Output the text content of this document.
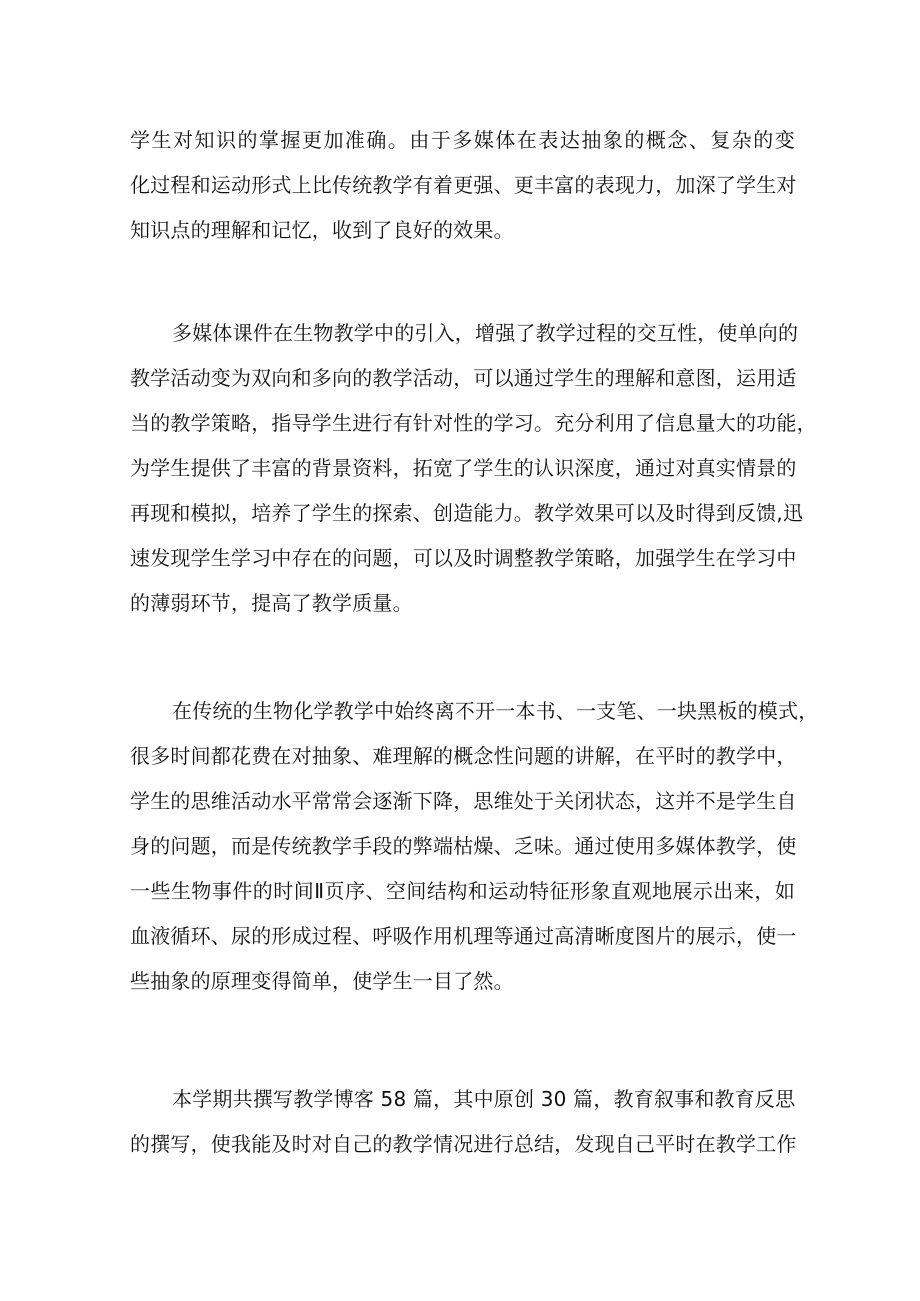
学生对知识的掌握更加准确。由于多媒体在表达抽象的概念、复杂的变
化过程和运动形式上比传统教学有着更强、更丰富的表现力，加深了学生对
知识点的理解和记忆，收到了良好的效果。
多媒体课件在生物教学中的引入，增强了教学过程的交互性，使单向的
教学活动变为双向和多向的教学活动，可以通过学生的理解和意图，运用适
当的教学策略，指导学生进行有针对性的学习。充分利用了信息量大的功能，
为学生提供了丰富的背景资料，拓宽了学生的认识深度，通过对真实情景的
再现和模拟，培养了学生的探索、创造能力。教学效果可以及时得到反馈,迅
速发现学生学习中存在的问题，可以及时调整教学策略，加强学生在学习中
的薄弱环节，提高了教学质量。
在传统的生物化学教学中始终离不开一本书、一支笔、一块黑板的模式，
很多时间都花费在对抽象、难理解的概念性问题的讲解，在平时的教学中，
学生的思维活动水平常常会逐渐下降，思维处于关闭状态，这并不是学生自
身的问题，而是传统教学手段的弊端枯燥、乏味。通过使用多媒体教学，使
一些生物事件的时间Ⅱ页序、空间结构和运动特征形象直观地展示出来，如
血液循环、尿的形成过程、呼吸作用机理等通过高清晰度图片的展示，使一
些抽象的原理变得简单，使学生一目了然。
本学期共撰写教学博客 58 篇，其中原创 30 篇，教育叙事和教育反思
的撰写，使我能及时对自己的教学情况进行总结，发现自己平时在教学工作
